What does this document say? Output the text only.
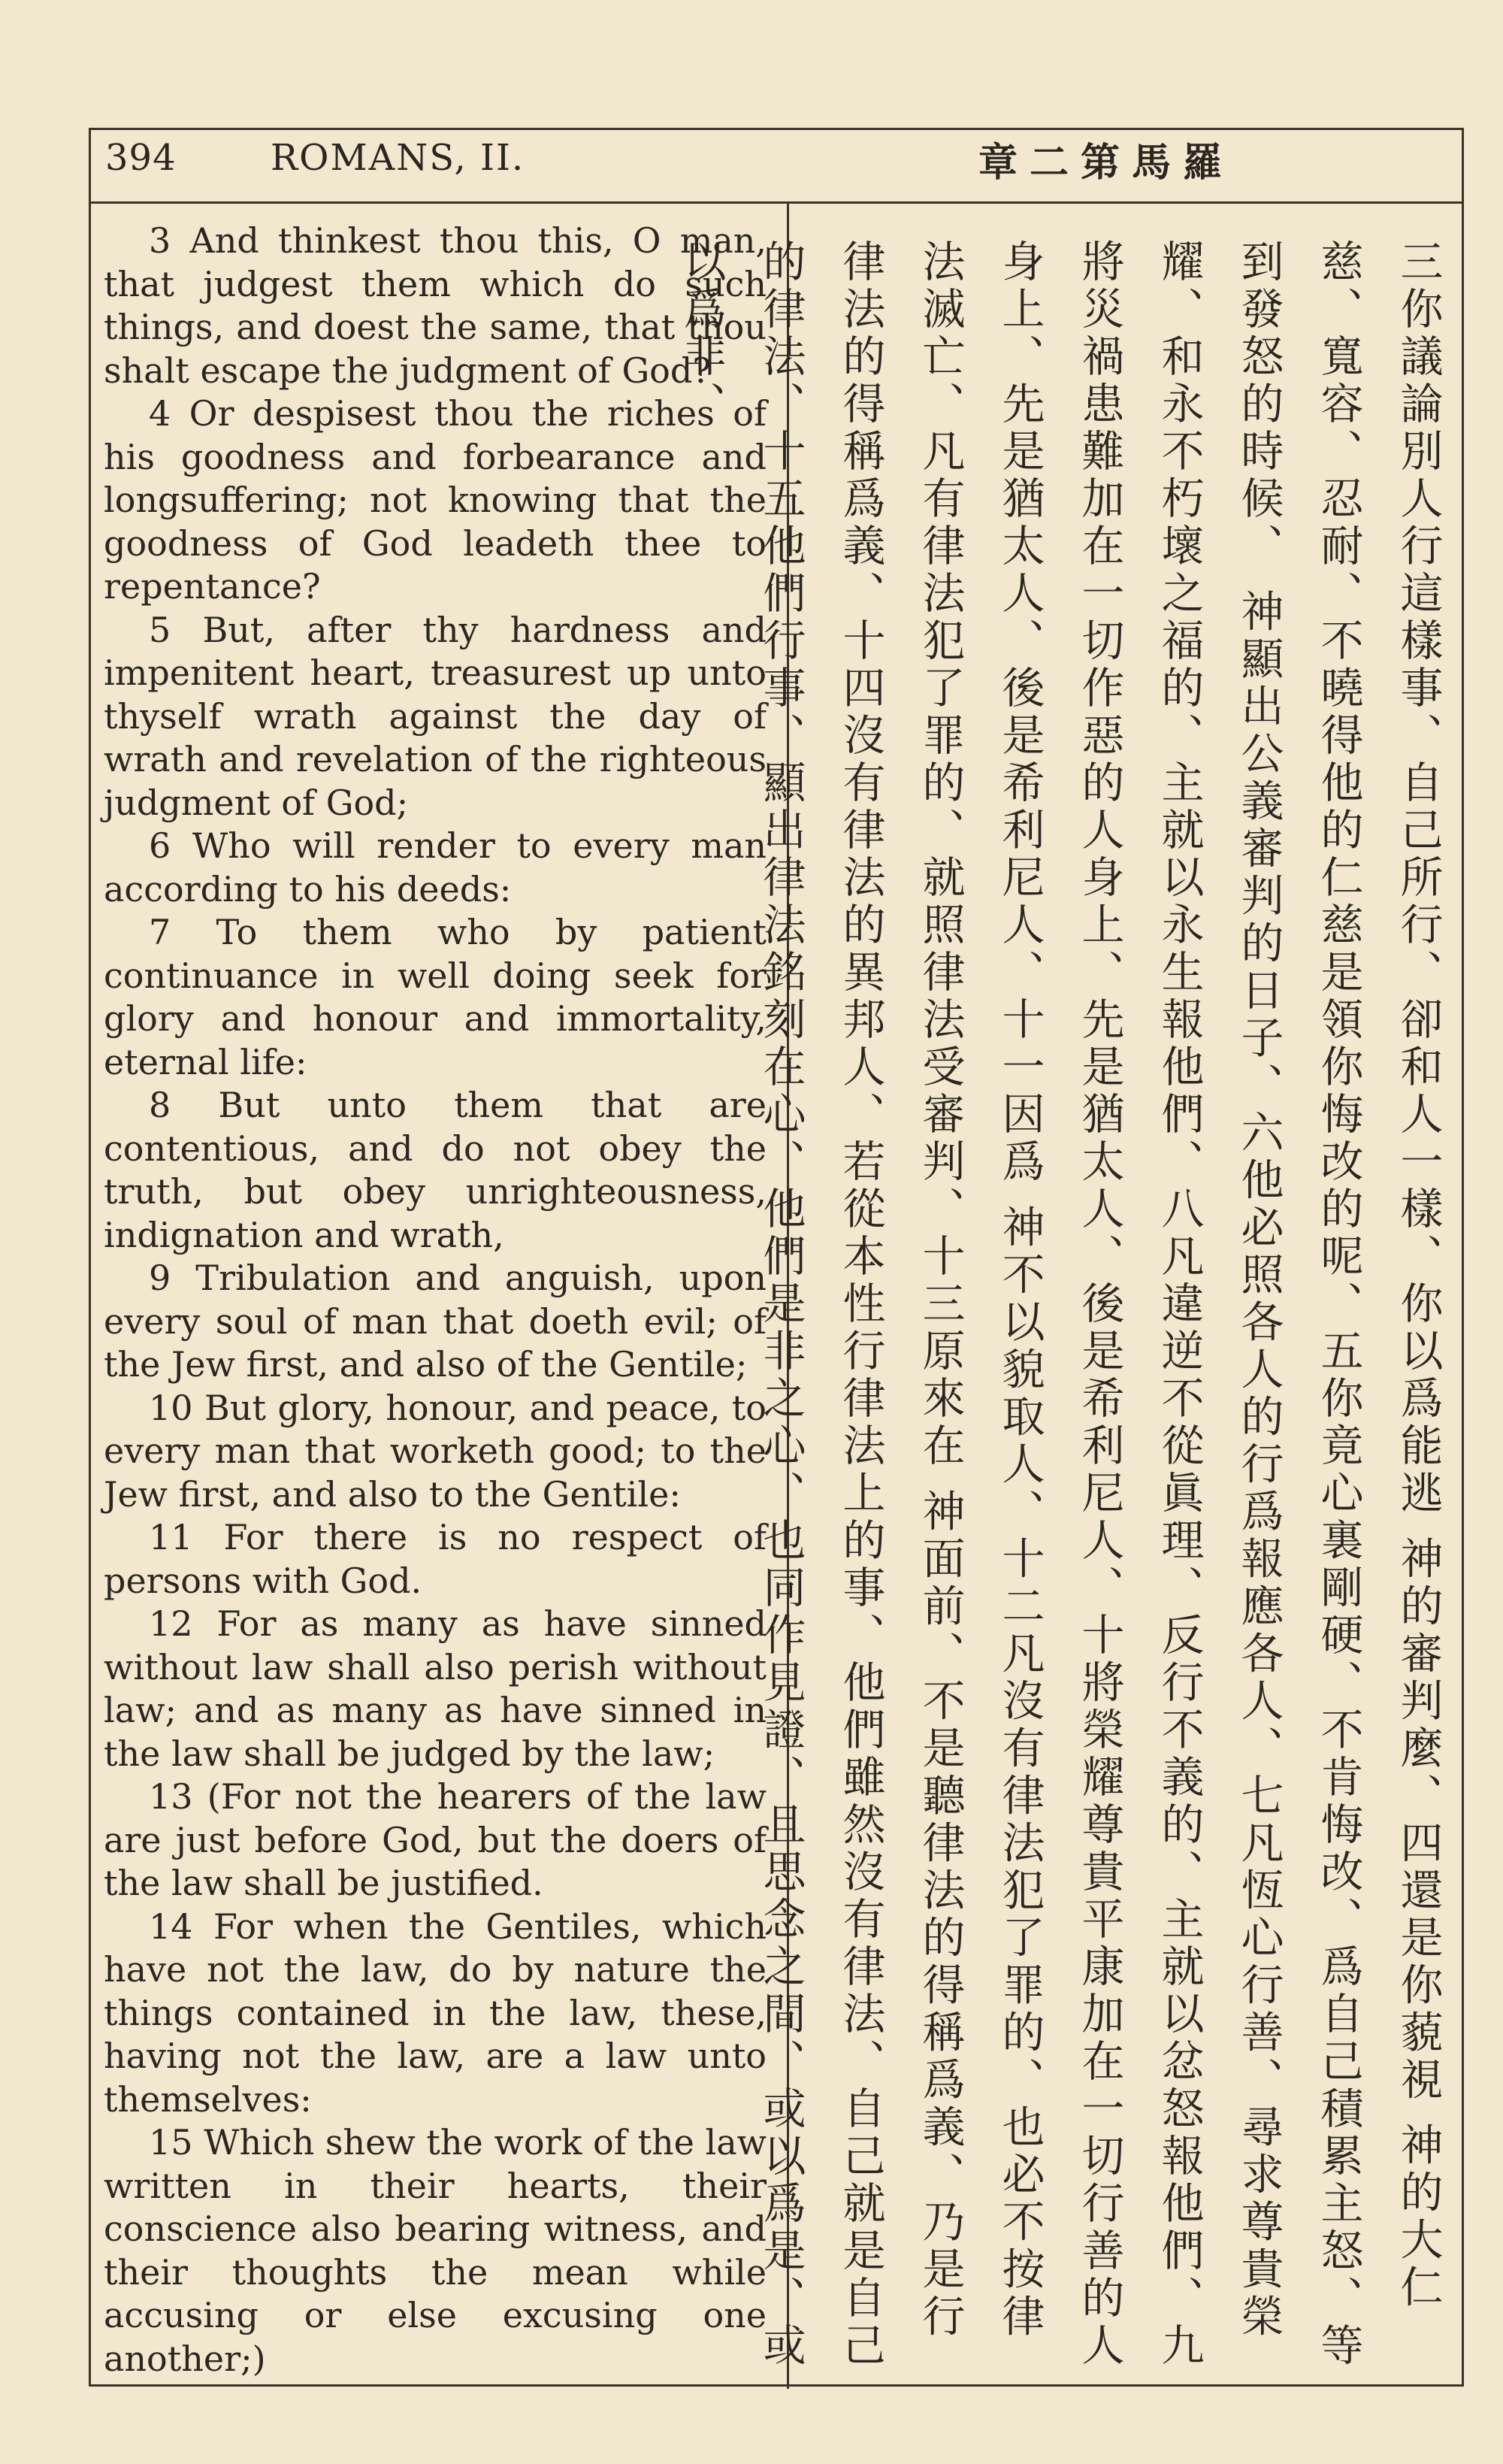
394	ROMANS, II.	章二第馬羅

3 And thinkest thou this, O man, that judgest them which do such things, and doest the same, that thou shalt escape the judgment of God?

4 Or despisest thou the riches of his goodness and forbearance and longsuffering; not knowing that the goodness of God leadeth thee to repentance?

5 But, after thy hardness and impenitent heart, treasurest up unto thyself wrath against the day of wrath and revelation of the righteous judgment of God;

6 Who will render to every man according to his deeds:

7 To them who by patient continuance in well doing seek for glory and honour and immortality, eternal life:

8 But unto them that are contentious, and do not obey the truth, but obey unrighteousness, indignation and wrath,

9 Tribulation and anguish, upon every soul of man that doeth evil; of the Jew first, and also of the Gentile;

10 But glory, honour, and peace, to every man that worketh good; to the Jew first, and also to the Gentile:

11 For there is no respect of persons with God.

12 For as many as have sinned without law shall also perish without law; and as many as have sinned in the law shall be judged by the law;

13 (For not the hearers of the law are just before God, but the doers of the law shall be justified.

14 For when the Gentiles, which have not the law, do by nature the things contained in the law, these, having not the law, are a law unto themselves:

15 Which shew the work of the law written in their hearts, their conscience also bearing witness, and their thoughts the mean while accusing or else excusing one another;)

三你議論別人行這樣事、自己所行、卻和人一樣、你以爲能逃 神的審判麼、四還是你藐視 神的大仁慈、寬容、忍耐、不曉得他的仁慈是領你悔改的呢、五你竟心裏剛硬、不肯悔改、爲自己積累主怒、等到發怒的時候、 神顯出公義審判的日子、六他必照各人的行爲報應各人、七凡恆心行善、尋求尊貴榮耀、和永不朽壞之福的、主就以永生報他們、八凡違逆不從眞理、反行不義的、主就以忿怒報他們、九將災禍患難加在一切作惡的人身上、先是猶太人、後是希利尼人、十將榮耀尊貴平康加在一切行善的人身上、先是猶太人、後是希利尼人、十一因爲 神不以貌取人、十二凡沒有律法犯了罪的、也必不按律法滅亡、凡有律法犯了罪的、就照律法受審判、十三原來在 神面前、不是聽律法的得稱爲義、乃是行律法的得稱爲義、十四沒有律法的異邦人、若從本性行律法上的事、他們雖然沒有律法、自己就是自己的律法、十五他們行事、顯出律法銘刻在心、他們是非之心、也同作見證、且思念之間、或以爲是、或以爲非、
